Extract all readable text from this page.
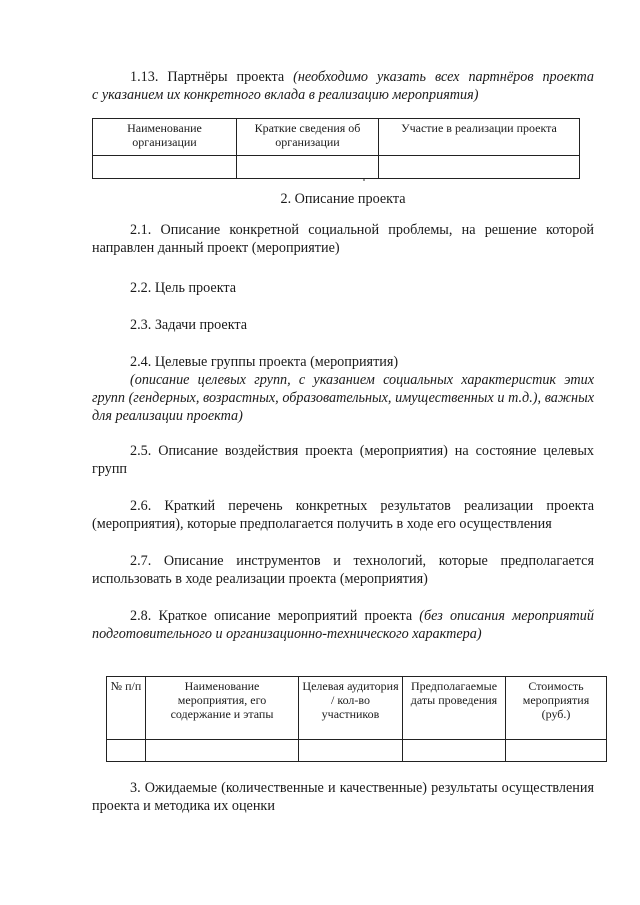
1.13. Партнёры проекта (необходимо указать всех партнёров проекта

с указанием их конкретного вклада в реализацию мероприятия)

Наименование организации	Краткие сведения об организации	Участие в реализации проекта

2. Описание проекта

2.1. Описание конкретной социальной проблемы, на решение которой направлен данный проект (мероприятие)

2.2. Цель проекта

2.3. Задачи проекта

2.4. Целевые группы проекта (мероприятия)

(описание целевых групп, с указанием социальных характеристик этих групп (гендерных, возрастных, образовательных, имущественных и т.д.), важных для реализации проекта)

2.5. Описание воздействия проекта (мероприятия) на состояние целевых групп

2.6. Краткий перечень конкретных результатов реализации проекта (мероприятия), которые предполагается получить в ходе его осуществления

2.7. Описание инструментов и технологий, которые предполагается использовать в ходе реализации проекта (мероприятия)

2.8. Краткое описание мероприятий проекта (без описания мероприятий подготовительного и организационно-технического характера)

№ п/п	Наименование мероприятия, его содержание и этапы	Целевая аудитория / кол-во участников	Предполагаемые даты проведения	Стоимость мероприятия (руб.)

3. Ожидаемые (количественные и качественные) результаты осуществления проекта и методика их оценки
